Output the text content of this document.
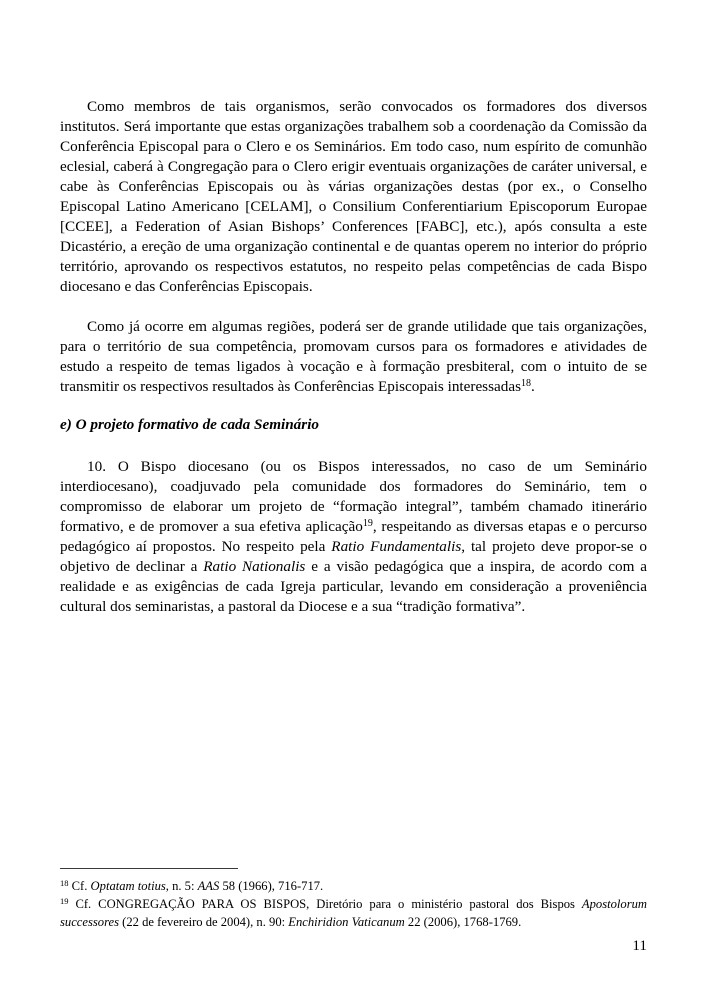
Como membros de tais organismos, serão convocados os formadores dos diversos institutos. Será importante que estas organizações trabalhem sob a coordenação da Comissão da Conferência Episcopal para o Clero e os Seminários. Em todo caso, num espírito de comunhão eclesial, caberá à Congregação para o Clero erigir eventuais organizações de caráter universal, e cabe às Conferências Episcopais ou às várias organizações destas (por ex., o Conselho Episcopal Latino Americano [CELAM], o Consilium Conferentiarium Episcoporum Europae [CCEE], a Federation of Asian Bishops’ Conferences [FABC], etc.), após consulta a este Dicastério, a ereção de uma organização continental e de quantas operem no interior do próprio território, aprovando os respectivos estatutos, no respeito pelas competências de cada Bispo diocesano e das Conferências Episcopais.

Como já ocorre em algumas regiões, poderá ser de grande utilidade que tais organizações, para o território de sua competência, promovam cursos para os formadores e atividades de estudo a respeito de temas ligados à vocação e à formação presbiteral, com o intuito de se transmitir os respectivos resultados às Conferências Episcopais interessadas$^{18}$.

e) O projeto formativo de cada Seminário

10. O Bispo diocesano (ou os Bispos interessados, no caso de um Seminário interdiocesano), coadjuvado pela comunidade dos formadores do Seminário, tem o compromisso de elaborar um projeto de “formação integral”, também chamado itinerário formativo, e de promover a sua efetiva aplicação$^{19}$, respeitando as diversas etapas e o percurso pedagógico aí propostos. No respeito pela Ratio Fundamentalis, tal projeto deve propor-se o objetivo de declinar a Ratio Nationalis e a visão pedagógica que a inspira, de acordo com a realidade e as exigências de cada Igreja particular, levando em consideração a proveniência cultural dos seminaristas, a pastoral da Diocese e a sua “tradição formativa”.

$^{18}$ Cf. Optatam totius, n. 5: AAS 58 (1966), 716-717.

$^{19}$ Cf. CONGREGAÇÃO PARA OS BISPOS, Diretório para o ministério pastoral dos Bispos Apostolorum successores (22 de fevereiro de 2004), n. 90: Enchiridion Vaticanum 22 (2006), 1768-1769.

11
